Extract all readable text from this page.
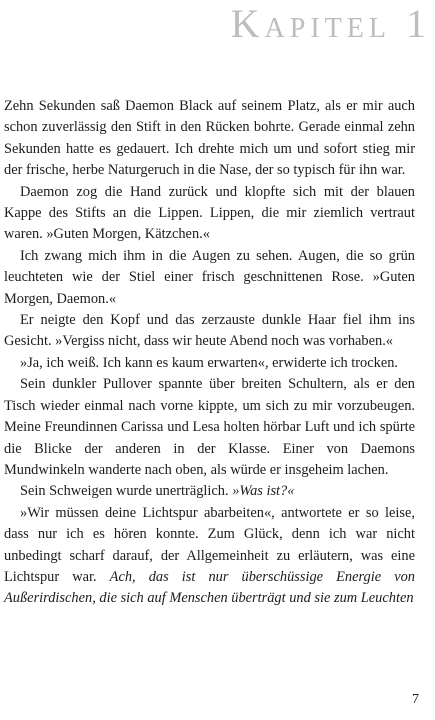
Kapitel 1

Zehn Sekunden saß Daemon Black auf seinem Platz, als er mir auch schon zuverlässig den Stift in den Rücken bohrte. Gerade einmal zehn Sekunden hatte es gedauert. Ich drehte mich um und sofort stieg mir der frische, herbe Naturgeruch in die Nase, der so typisch für ihn war.

Daemon zog die Hand zurück und klopfte sich mit der blauen Kappe des Stifts an die Lippen. Lippen, die mir ziemlich vertraut waren. »Guten Morgen, Kätzchen.«

Ich zwang mich ihm in die Augen zu sehen. Augen, die so grün leuchteten wie der Stiel einer frisch geschnittenen Rose. »Guten Morgen, Daemon.«

Er neigte den Kopf und das zerzauste dunkle Haar fiel ihm ins Gesicht. »Vergiss nicht, dass wir heute Abend noch was vorhaben.«

»Ja, ich weiß. Ich kann es kaum erwarten«, erwiderte ich trocken.

Sein dunkler Pullover spannte über breiten Schultern, als er den Tisch wieder einmal nach vorne kippte, um sich zu mir vorzubeugen. Meine Freundinnen Carissa und Lesa holten hörbar Luft und ich spürte die Blicke der anderen in der Klasse. Einer von Daemons Mundwinkeln wanderte nach oben, als würde er insgeheim lachen.

Sein Schweigen wurde unerträglich. »Was ist?«

»Wir müssen deine Lichtspur abarbeiten«, antwortete er so leise, dass nur ich es hören konnte. Zum Glück, denn ich war nicht unbedingt scharf darauf, der Allgemeinheit zu erläutern, was eine Lichtspur war. Ach, das ist nur überschüssige Energie von Außerirdischen, die sich auf Menschen überträgt und sie zum Leuchten

7
